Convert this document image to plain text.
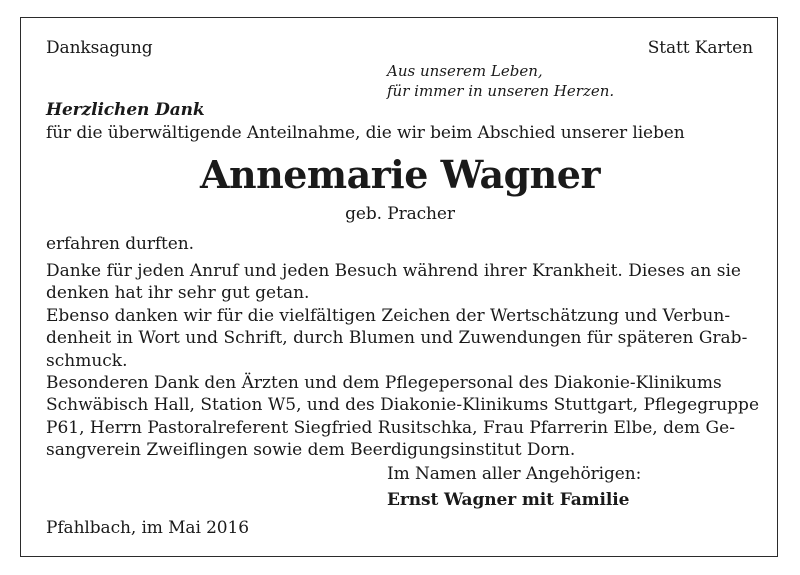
Danksagung	Statt Karten
Aus unserem Leben,
für immer in unseren Herzen.
Herzlichen Dank
für die überwältigende Anteilnahme, die wir beim Abschied unserer lieben
Annemarie Wagner
geb. Pracher
erfahren durften.
Danke für jeden Anruf und jeden Besuch während ihrer Krankheit. Dieses an sie
denken hat ihr sehr gut getan.
Ebenso danken wir für die vielfältigen Zeichen der Wertschätzung und Verbun-
denheit in Wort und Schrift, durch Blumen und Zuwendungen für späteren Grab-
schmuck.
Besonderen Dank den Ärzten und dem Pflegepersonal des Diakonie-Klinikums
Schwäbisch Hall, Station W5, und des Diakonie-Klinikums Stuttgart, Pflegegruppe
P61, Herrn Pastoralreferent Siegfried Rusitschka, Frau Pfarrerin Elbe, dem Ge-
sangverein Zweiflingen sowie dem Beerdigungsinstitut Dorn.
Im Namen aller Angehörigen:
Ernst Wagner mit Familie
Pfahlbach, im Mai 2016
